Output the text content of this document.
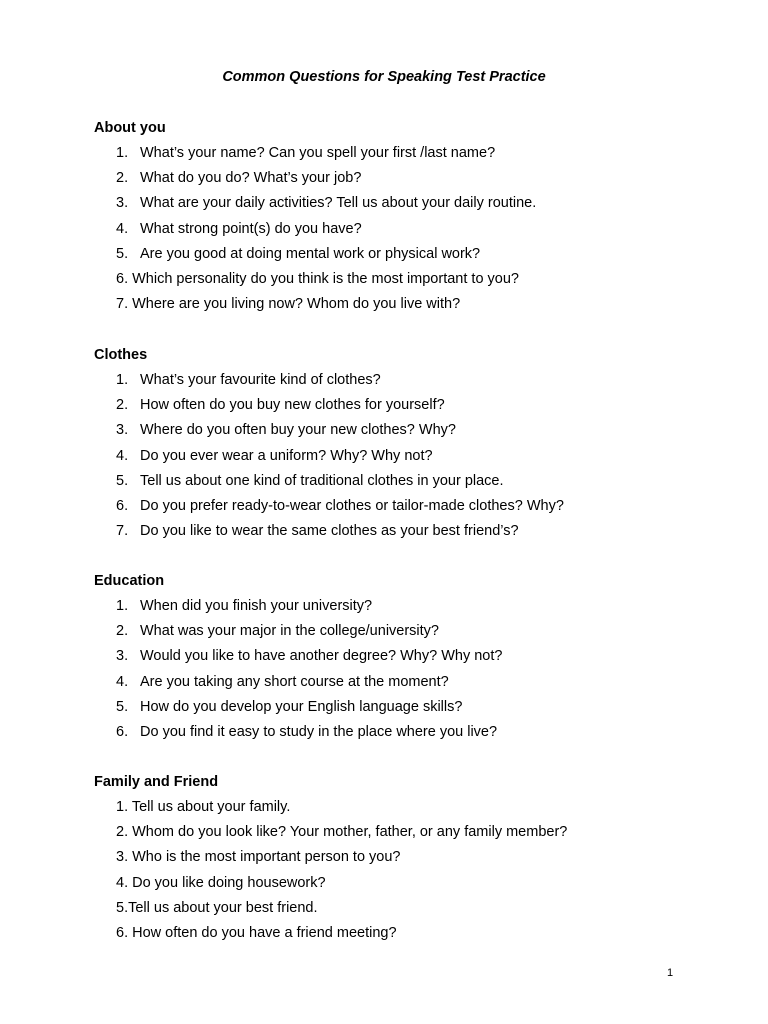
Common Questions for Speaking Test Practice
About you
1. What’s your name? Can you spell your first /last name?
2. What do you do? What’s your job?
3. What are your daily activities? Tell us about your daily routine.
4. What strong point(s) do you have?
5. Are you good at doing mental work or physical work?
6. Which personality do you think is the most important to you?
7. Where are you living now? Whom do you live with?
Clothes
1. What’s your favourite kind of clothes?
2. How often do you buy new clothes for yourself?
3. Where do you often buy your new clothes? Why?
4. Do you ever wear a uniform? Why? Why not?
5. Tell us about one kind of traditional clothes in your place.
6. Do you prefer ready-to-wear clothes or tailor-made clothes? Why?
7. Do you like to wear the same clothes as your best friend’s?
Education
1. When did you finish your university?
2. What was your major in the college/university?
3. Would you like to have another degree? Why? Why not?
4. Are you taking any short course at the moment?
5. How do you develop your English language skills?
6. Do you find it easy to study in the place where you live?
Family and Friend
1. Tell us about your family.
2. Whom do you look like? Your mother, father, or any family member?
3. Who is the most important person to you?
4. Do you like doing housework?
5.Tell us about your best friend.
6. How often do you have a friend meeting?
1
